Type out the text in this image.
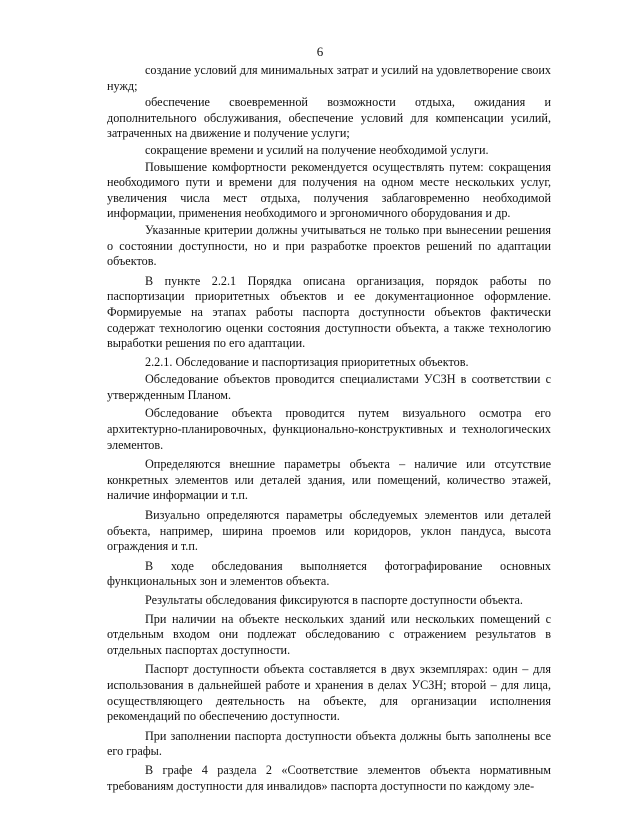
6

создание условий для минимальных затрат и усилий на удовлетворение своих нужд;

обеспечение своевременной возможности отдыха, ожидания и дополнительного обслуживания, обеспечение условий для компенсации усилий, затраченных на движение и получение услуги;

сокращение времени и усилий на получение необходимой услуги.

Повышение комфортности рекомендуется осуществлять путем: сокращения необходимого пути и времени для получения на одном месте нескольких услуг, увеличения числа мест отдыха, получения заблаговременно необходимой информации, применения необходимого и эргономичного оборудования и др.

Указанные критерии должны учитываться не только при вынесении решения о состоянии доступности, но и при разработке проектов решений по адаптации объектов.

В пункте 2.2.1 Порядка описана организация, порядок работы по паспортизации приоритетных объектов и ее документационное оформление. Формируемые на этапах работы паспорта доступности объектов фактически содержат технологию оценки состояния доступности объекта, а также технологию выработки решения по его адаптации.

2.2.1. Обследование и паспортизация приоритетных объектов.

Обследование объектов проводится специалистами УСЗН в соответствии с утвержденным Планом.

Обследование объекта проводится путем визуального осмотра его архитектурно-планировочных, функционально-конструктивных и технологических элементов.

Определяются внешние параметры объекта – наличие или отсутствие конкретных элементов или деталей здания, или помещений, количество этажей, наличие информации и т.п.

Визуально определяются параметры обследуемых элементов или деталей объекта, например, ширина проемов или коридоров, уклон пандуса, высота ограждения и т.п.

В ходе обследования выполняется фотографирование основных функциональных зон и элементов объекта.

Результаты обследования фиксируются в паспорте доступности объекта.

При наличии на объекте нескольких зданий или нескольких помещений с отдельным входом они подлежат обследованию с отражением результатов в отдельных паспортах доступности.

Паспорт доступности объекта составляется в двух экземплярах: один – для использования в дальнейшей работе и хранения в делах УСЗН; второй – для лица, осуществляющего деятельность на объекте, для организации исполнения рекомендаций по обеспечению доступности.

При заполнении паспорта доступности объекта должны быть заполнены все его графы.

В графе 4 раздела 2 «Соответствие элементов объекта нормативным требованиям доступности для инвалидов» паспорта доступности по каждому эле-
